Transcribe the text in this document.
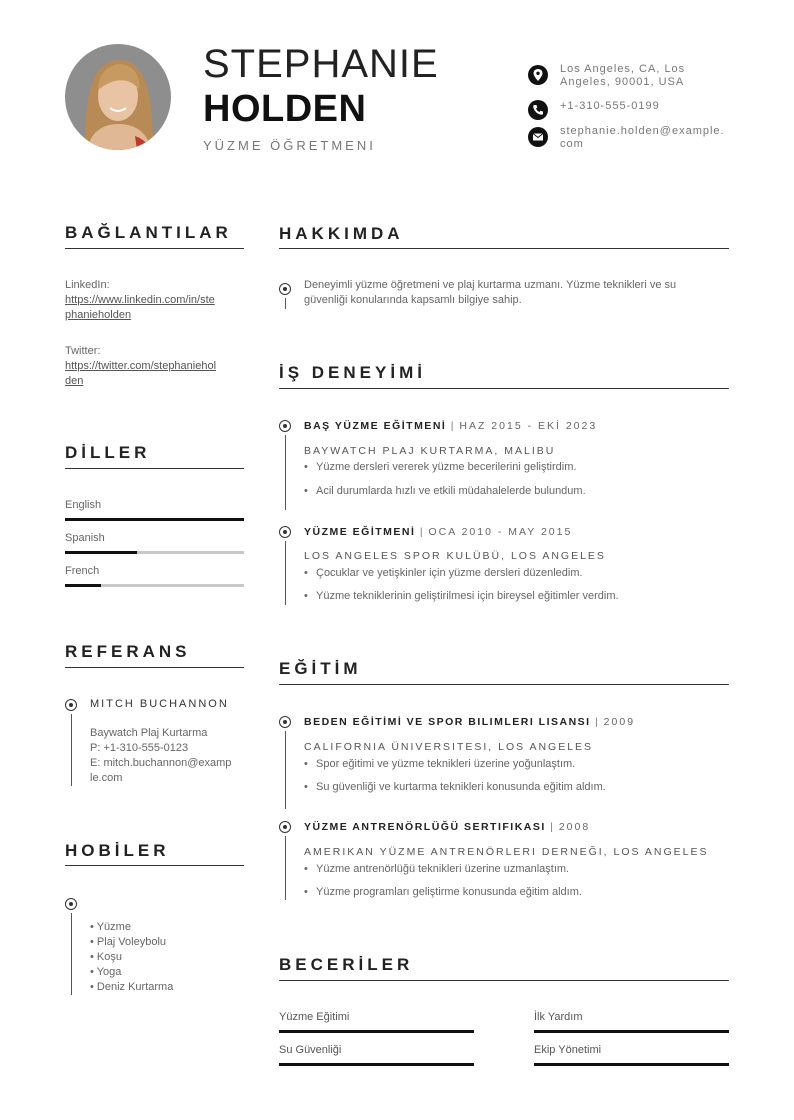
STEPHANIE
HOLDEN
YÜZME ÖĞRETMENI
Los Angeles, CA, Los
Angeles, 90001, USA
+1-310-555-0199
stephanie.holden@example.
com
BAĞLANTILAR
LinkedIn:
https://www.linkedin.com/in/ste
phanieholden
Twitter:
https://twitter.com/stephaniehol
den
DİLLER
English
Spanish
French
REFERANS
MITCH BUCHANNON
Baywatch Plaj Kurtarma
P: +1-310-555-0123
E: mitch.buchannon@examp
le.com
HOBİLER
• Yüzme
• Plaj Voleybolu
• Koşu
• Yoga
• Deniz Kurtarma
HAKKIMDA
Deneyimli yüzme öğretmeni ve plaj kurtarma uzmanı. Yüzme teknikleri ve su
güvenliği konularında kapsamlı bilgiye sahip.
İŞ DENEYİMİ
BAŞ YÜZME EĞİTMENİ | HAZ 2015 - EKİ 2023
BAYWATCH PLAJ KURTARMA, MALIBU
• Yüzme dersleri vererek yüzme becerilerini geliştirdim.
• Acil durumlarda hızlı ve etkili müdahalelerde bulundum.
YÜZME EĞİTMENİ | OCA 2010 - MAY 2015
LOS ANGELES SPOR KULÜBÜ, LOS ANGELES
• Çocuklar ve yetişkinler için yüzme dersleri düzenledim.
• Yüzme tekniklerinin geliştirilmesi için bireysel eğitimler verdim.
EĞİTİM
BEDEN EĞİTİMİ VE SPOR BILIMLERI LISANSI | 2009
CALIFORNIA ÜNIVERSITESI, LOS ANGELES
• Spor eğitimi ve yüzme teknikleri üzerine yoğunlaştım.
• Su güvenliği ve kurtarma teknikleri konusunda eğitim aldım.
YÜZME ANTRENÖRLÜĞÜ SERTIFIKASI | 2008
AMERIKAN YÜZME ANTRENÖRLERI DERNEĞI, LOS ANGELES
• Yüzme antrenörlüğü teknikleri üzerine uzmanlaştım.
• Yüzme programları geliştirme konusunda eğitim aldım.
BECERİLER
Yüzme Eğitimi	İlk Yardım
Su Güvenliği	Ekip Yönetimi
